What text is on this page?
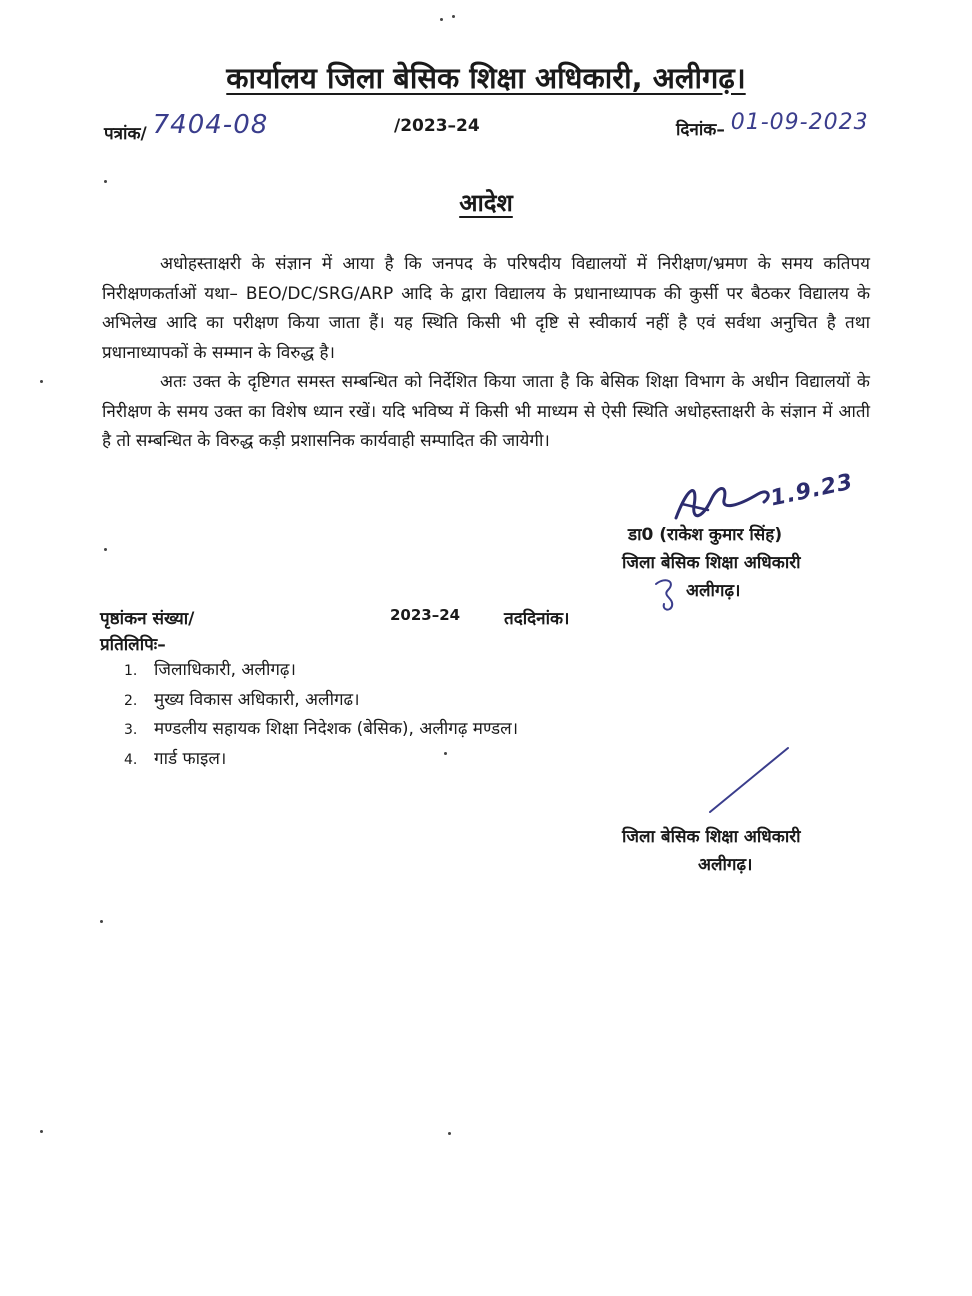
कार्यालय जिला बेसिक शिक्षा अधिकारी, अलीगढ़।
पत्रांक/ 7404-08	/2023–24	दिनांक– 01-09-2023
आदेश

अधोहस्ताक्षरी के संज्ञान में आया है कि जनपद के परिषदीय विद्यालयों में निरीक्षण/भ्रमण के समय कतिपय निरीक्षणकर्ताओं यथा– BEO/DC/SRG/ARP आदि के द्वारा विद्यालय के प्रधानाध्यापक की कुर्सी पर बैठकर विद्यालय के अभिलेख आदि का परीक्षण किया जाता हैं। यह स्थिति किसी भी दृष्टि से स्वीकार्य नहीं है एवं सर्वथा अनुचित है तथा प्रधानाध्यापकों के सम्मान के विरुद्ध है।

अतः उक्त के दृष्टिगत समस्त सम्बन्धित को निर्देशित किया जाता है कि बेसिक शिक्षा विभाग के अधीन विद्यालयों के निरीक्षण के समय उक्त का विशेष ध्यान रखें। यदि भविष्य में किसी भी माध्यम से ऐसी स्थिति अधोहस्ताक्षरी के संज्ञान में आती है तो सम्बन्धित के विरुद्ध कड़ी प्रशासनिक कार्यवाही सम्पादित की जायेगी।

1.9.23
डा0 (राकेश कुमार सिंह)
जिला बेसिक शिक्षा अधिकारी
अलीगढ़।
पृष्ठांकन संख्या/	2023–24	तददिनांक।
प्रतिलिपिः–
1. जिलाधिकारी, अलीगढ़।
2. मुख्य विकास अधिकारी, अलीगढ।
3. मण्डलीय सहायक शिक्षा निदेशक (बेसिक), अलीगढ़ मण्डल।
4. गार्ड फाइल।
जिला बेसिक शिक्षा अधिकारी
अलीगढ़।
